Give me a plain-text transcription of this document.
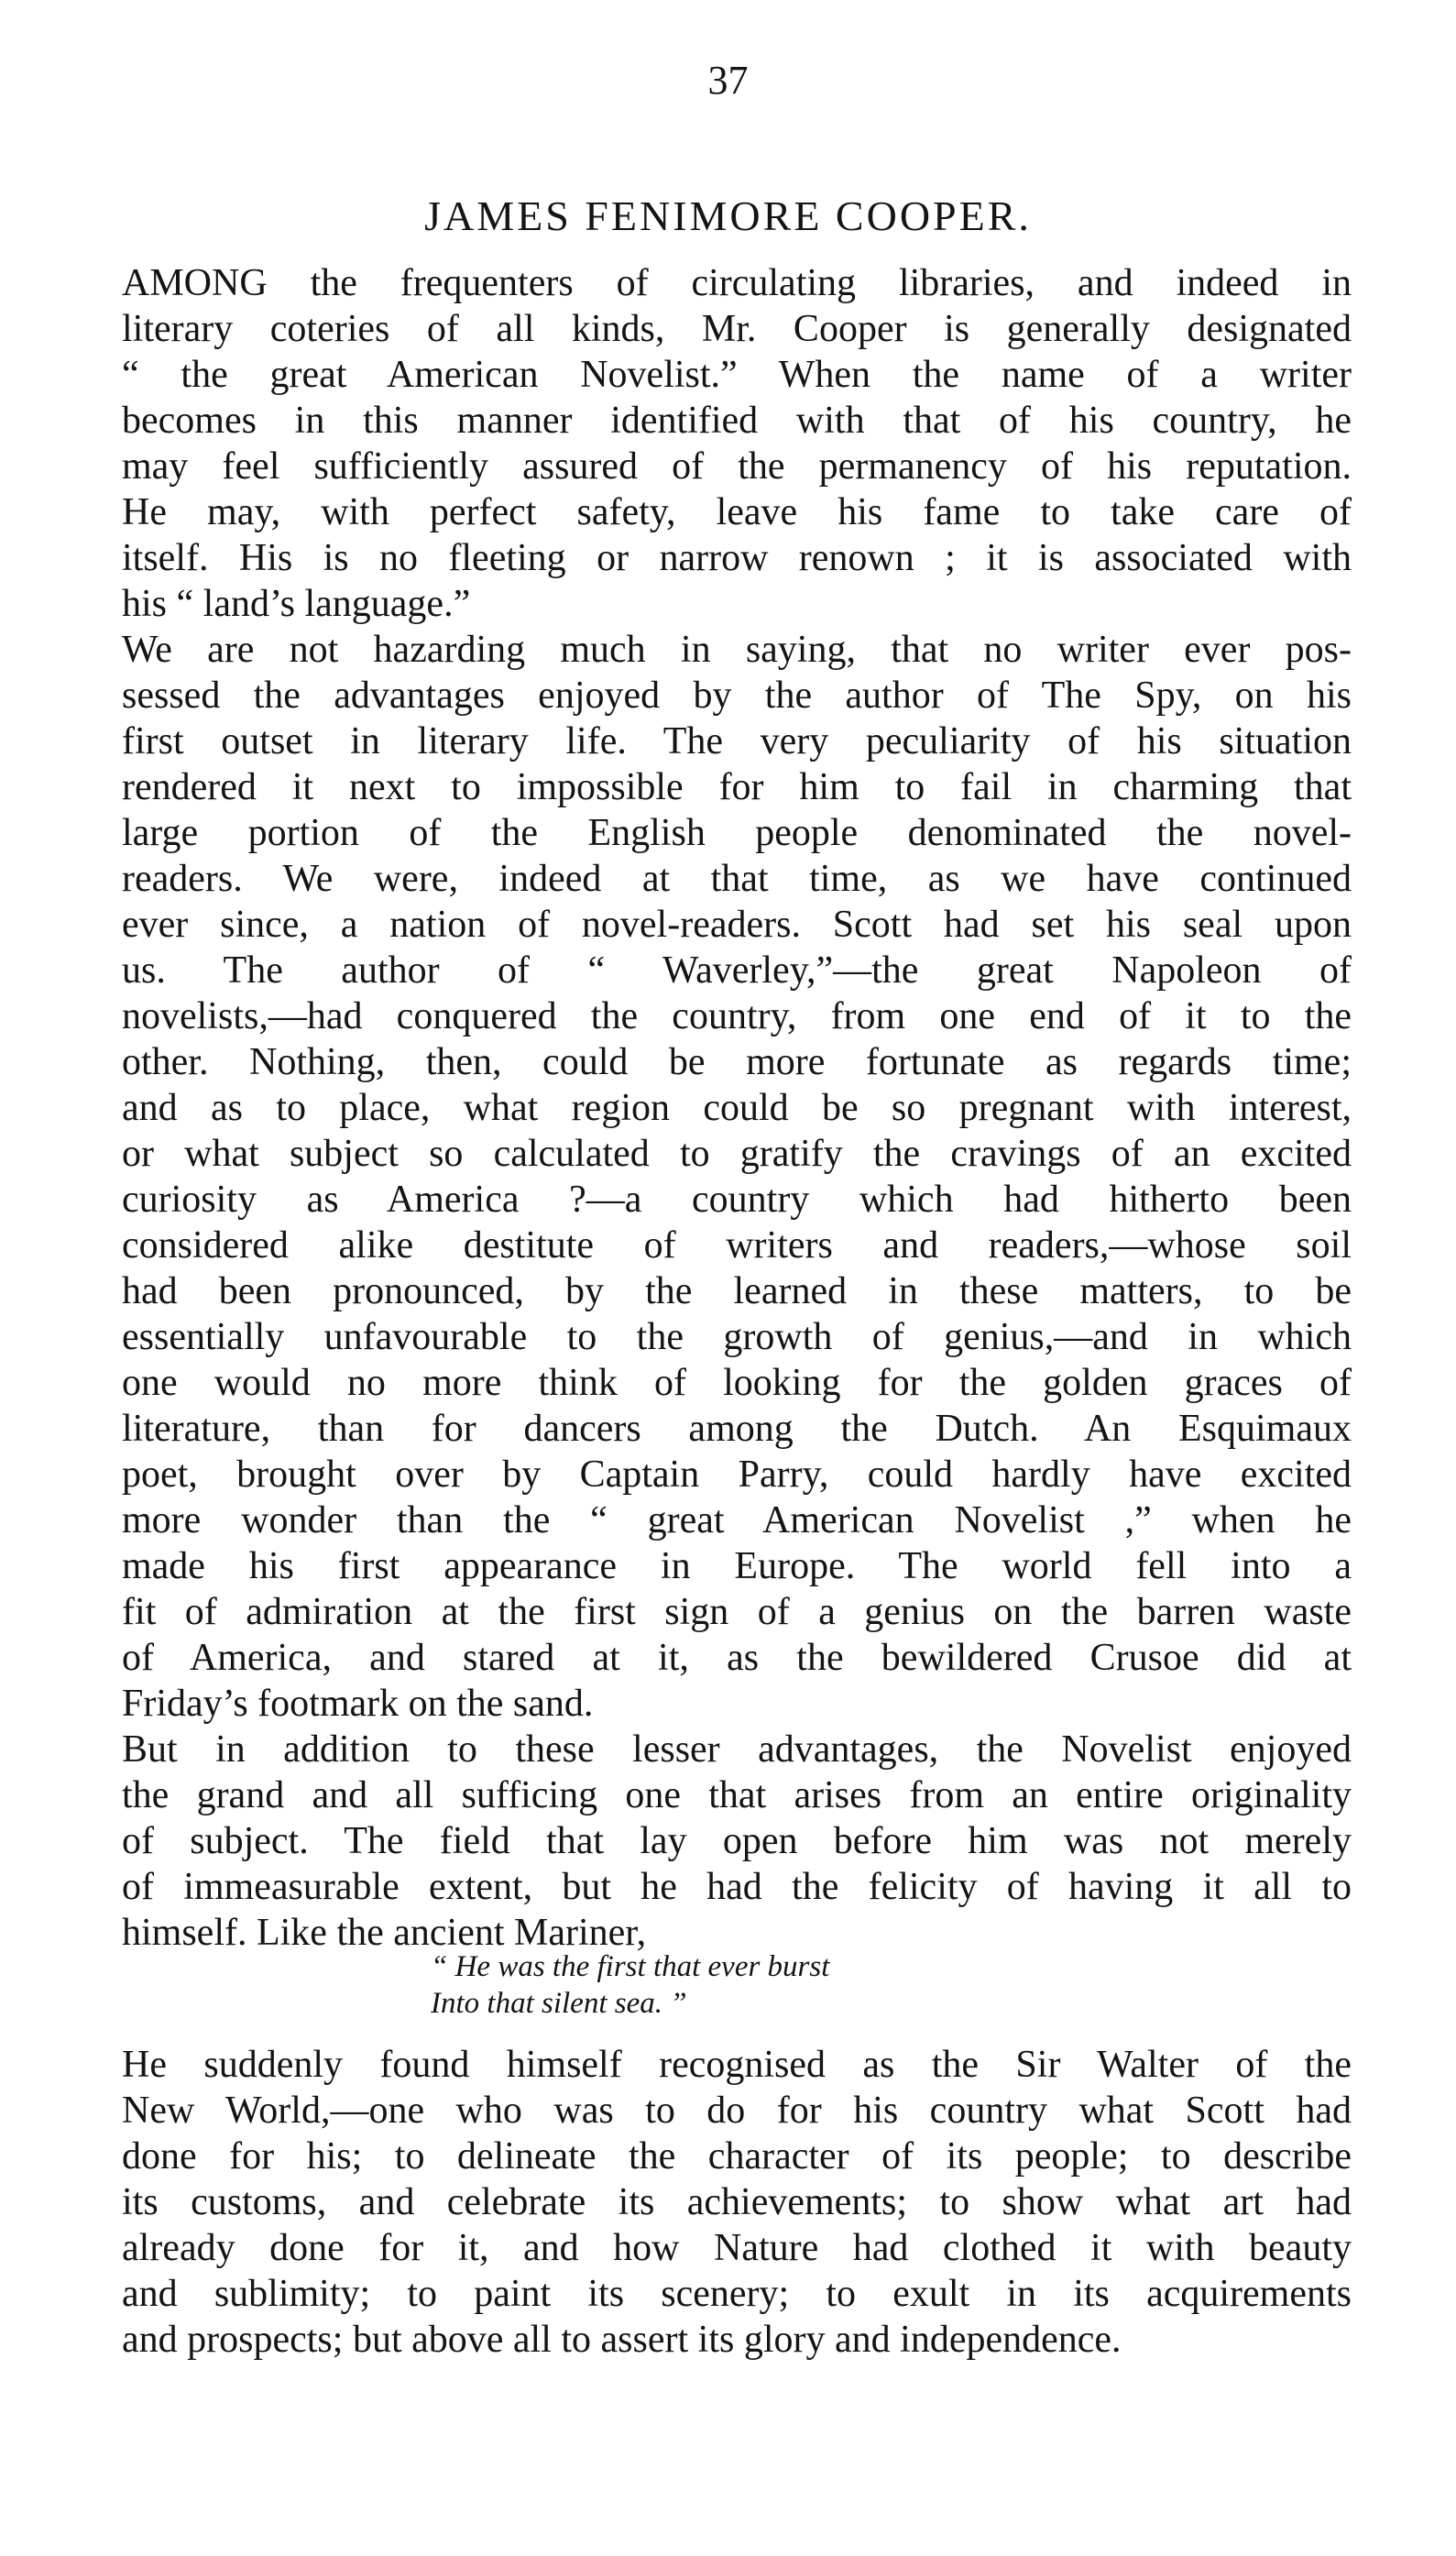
37
JAMES FENIMORE COOPER.
AMONG the frequenters of circulating libraries, and indeed in
literary coteries of all kinds, Mr. Cooper is generally designated
“ the great American Novelist.” When the name of a writer
becomes in this manner identified with that of his country, he
may feel sufficiently assured of the permanency of his reputation.
He may, with perfect safety, leave his fame to take care of
itself. His is no fleeting or narrow renown ; it is associated with
his “ land’s language.”
We are not hazarding much in saying, that no writer ever pos-
sessed the advantages enjoyed by the author of The Spy, on his
first outset in literary life. The very peculiarity of his situation
rendered it next to impossible for him to fail in charming that
large portion of the English people denominated the novel-
readers. We were, indeed at that time, as we have continued
ever since, a nation of novel-readers. Scott had set his seal upon
us. The author of “ Waverley,”—the great Napoleon of
novelists,—had conquered the country, from one end of it to the
other. Nothing, then, could be more fortunate as regards time;
and as to place, what region could be so pregnant with interest,
or what subject so calculated to gratify the cravings of an excited
curiosity as America ?—a country which had hitherto been
considered alike destitute of writers and readers,—whose soil
had been pronounced, by the learned in these matters, to be
essentially unfavourable to the growth of genius,—and in which
one would no more think of looking for the golden graces of
literature, than for dancers among the Dutch. An Esquimaux
poet, brought over by Captain Parry, could hardly have excited
more wonder than the “ great American Novelist ,” when he
made his first appearance in Europe. The world fell into a
fit of admiration at the first sign of a genius on the barren waste
of America, and stared at it, as the bewildered Crusoe did at
Friday’s footmark on the sand.
But in addition to these lesser advantages, the Novelist enjoyed
the grand and all sufficing one that arises from an entire originality
of subject. The field that lay open before him was not merely
of immeasurable extent, but he had the felicity of having it all to
himself. Like the ancient Mariner,
“ He was the first that ever burst
Into that silent sea. ”
He suddenly found himself recognised as the Sir Walter of the
New World,—one who was to do for his country what Scott had
done for his; to delineate the character of its people; to describe
its customs, and celebrate its achievements; to show what art had
already done for it, and how Nature had clothed it with beauty
and sublimity; to paint its scenery; to exult in its acquirements
and prospects; but above all to assert its glory and independence.
